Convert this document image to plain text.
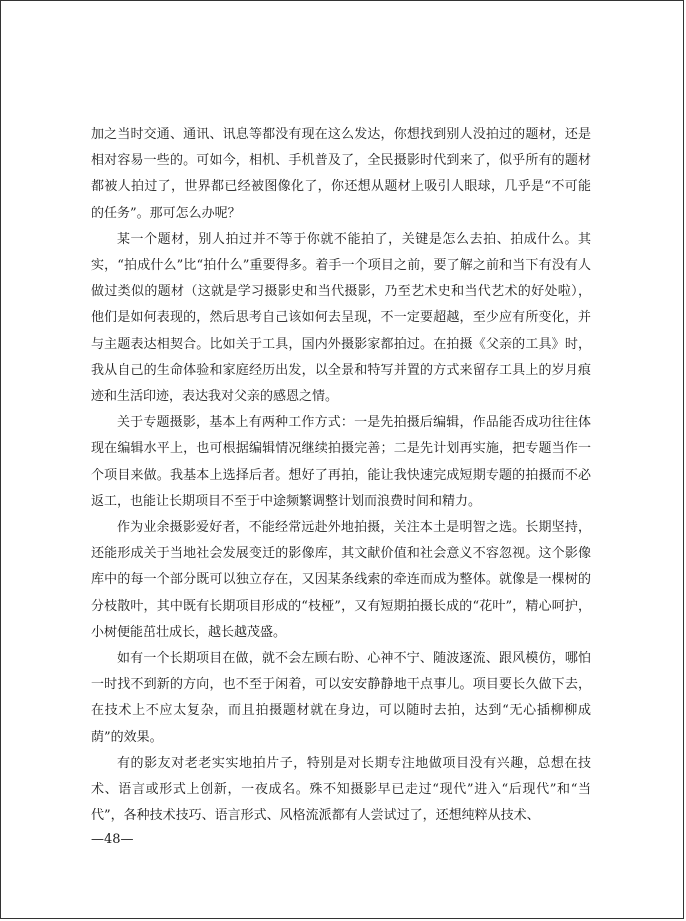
加之当时交通、通讯、讯息等都没有现在这么发达，你想找到别人没拍过的题材，还是相对容易一些的。可如今，相机、手机普及了，全民摄影时代到来了，似乎所有的题材都被人拍过了，世界都已经被图像化了，你还想从题材上吸引人眼球，几乎是“不可能的任务”。那可怎么办呢？

某一个题材，别人拍过并不等于你就不能拍了，关键是怎么去拍、拍成什么。其实，“拍成什么”比“拍什么”重要得多。着手一个项目之前，要了解之前和当下有没有人做过类似的题材（这就是学习摄影史和当代摄影，乃至艺术史和当代艺术的好处啦），他们是如何表现的，然后思考自己该如何去呈现，不一定要超越，至少应有所变化，并与主题表达相契合。比如关于工具，国内外摄影家都拍过。在拍摄《父亲的工具》时，我从自己的生命体验和家庭经历出发，以全景和特写并置的方式来留存工具上的岁月痕迹和生活印迹，表达我对父亲的感恩之情。

关于专题摄影，基本上有两种工作方式：一是先拍摄后编辑，作品能否成功往往体现在编辑水平上，也可根据编辑情况继续拍摄完善；二是先计划再实施，把专题当作一个项目来做。我基本上选择后者。想好了再拍，能让我快速完成短期专题的拍摄而不必返工，也能让长期项目不至于中途频繁调整计划而浪费时间和精力。

作为业余摄影爱好者，不能经常远赴外地拍摄，关注本土是明智之选。长期坚持，还能形成关于当地社会发展变迁的影像库，其文献价值和社会意义不容忽视。这个影像库中的每一个部分既可以独立存在，又因某条线索的牵连而成为整体。就像是一棵树的分枝散叶，其中既有长期项目形成的“枝桠”，又有短期拍摄长成的“花叶”，精心呵护，小树便能茁壮成长，越长越茂盛。

如有一个长期项目在做，就不会左顾右盼、心神不宁、随波逐流、跟风模仿，哪怕一时找不到新的方向，也不至于闲着，可以安安静静地干点事儿。项目要长久做下去，在技术上不应太复杂，而且拍摄题材就在身边，可以随时去拍，达到“无心插柳柳成荫”的效果。

有的影友对老老实实地拍片子，特别是对长期专注地做项目没有兴趣，总想在技术、语言或形式上创新，一夜成名。殊不知摄影早已走过“现代”进入“后现代”和“当代”，各种技术技巧、语言形式、风格流派都有人尝试过了，还想纯粹从技术、

—48—
